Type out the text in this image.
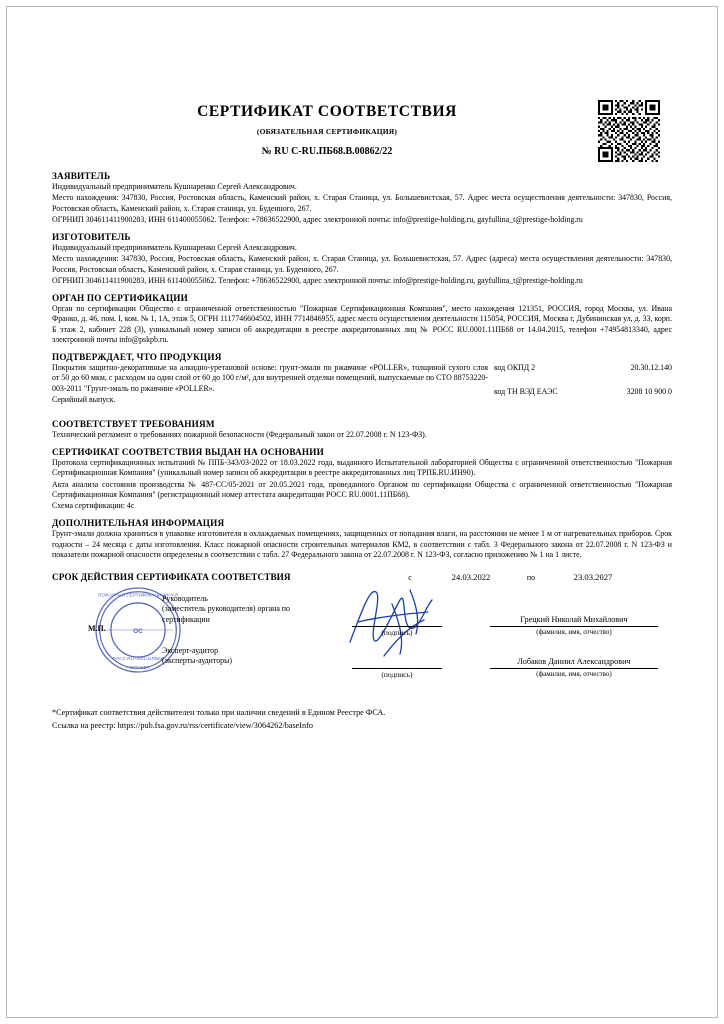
СЕРТИФИКАТ СООТВЕТСТВИЯ
(ОБЯЗАТЕЛЬНАЯ СЕРТИФИКАЦИЯ)
№ RU C-RU.ПБ68.В.00862/22
ЗАЯВИТЕЛЬ
Индивидуальный предприниматель Кушнаренко Сергей Александрович.
Место нахождения: 347830, Россия, Ростовская область, Каменский район, х. Старая Станица, ул. Большевистская, 57. Адрес места осуществления деятельности: 347830, Россия, Ростовская область, Каменский район, х. Старая станица, ул. Буденного, 267.
ОГРНИП 304611411900283, ИНН 611400055062. Телефон: +78636522900, адрес электронной почты: info@prestige-holding.ru, gayfullina_t@prestige-holding.ru
ИЗГОТОВИТЕЛЬ
Индивидуальный предприниматель Кушнаренко Сергей Александрович.
Место нахождения: 347830, Россия, Ростовская область, Каменский район, х. Старая Станица, ул. Большевистская, 57. Адрес (адреса) места осуществления деятельности: 347830, Россия, Ростовская область, Каменский район, х. Старая станица, ул. Буденного, 267.
ОГРНИП 304611411900283, ИНН 611400055062. Телефон: +78636522900, адрес электронной почты: info@prestige-holding.ru, gayfullina_t@prestige-holding.ru
ОРГАН ПО СЕРТИФИКАЦИИ
Орган по сертификации Общество с ограниченной ответственностью "Пожарная Сертификационная Компания", место нахождения 121351, РОССИЯ, город Москва, ул. Ивана Франко, д. 46, пом. I, ком. № 1, 1А, этаж 5, ОГРН 1117746604502, ИНН 7714846955, адрес места осуществления деятельности 115054, РОССИЯ, Москва г, Дубининская ул, д. 33, корп. Б этаж 2, кабинет 228 (3), уникальный номер записи об аккредитации в реестре аккредитованных лиц № РОСС RU.0001.11ПБ68 от 14.04.2015, телефон +74954813340, адрес электронной почты info@pskpb.ru.
ПОДТВЕРЖДАЕТ, ЧТО ПРОДУКЦИЯ
Покрытия защитно-декоративные на алкидно-уретановой основе: грунт-эмали по ржавчине «POLLER», толщиной сухого слоя от 50 до 60 мкм, с расходом на один слой от 60 до 100 г/м², для внутренней отделки помещений, выпускаемые по СТО 88753220-003-2011 "Грунт-эмаль по ржавчине «POLLER».
Серийный выпуск.
код ОКПД 2	20.30.12.140
код ТН ВЭД ЕАЭС	3208 10 900 0
СООТВЕТСТВУЕТ ТРЕБОВАНИЯМ
Технический регламент о требованиях пожарной безопасности (Федеральный закон от 22.07.2008 г. N 123-ФЗ).
СЕРТИФИКАТ СООТВЕТСТВИЯ ВЫДАН НА ОСНОВАНИИ
Протокола сертификационных испытаний № ППБ-343/03-2022 от 18.03.2022 года, выданного Испытательной лабораторией Общества с ограниченной ответственностью "Пожарная Сертификационная Компания" (уникальный номер записи об аккредитации в реестре аккредитованных лиц ТРПБ.RU.ИН90).
Акта анализа состояния производства № 487-СС/05-2021 от 20.05.2021 года, проведанного Органом по сертификации Общества с ограниченной ответственностью "Пожарная Сертификационная Компания" (регистрационный номер аттестата аккредитации РОСС RU.0001.11ПБ68).
Схема сертификации: 4с
ДОПОЛНИТЕЛЬНАЯ ИНФОРМАЦИЯ
Грунт-эмали должна храниться в упаковке изготовителя в охлаждаемых помещениях, защищенных от попадания влаги, на расстоянии не менее 1 м от нагревательных приборов. Срок годности – 24 месяца с даты изготовления. Класс пожарной опасности строительных материалов КМ2, в соответствии с табл. 3 Федерального закона от 22.07.2008 г. N 123-ФЗ и показатели пожарной опасности определены в соответствии с табл. 27 Федерального закона от 22.07.2008 г. N 123-ФЗ, согласно приложению № 1 на 1 листе.
СРОК ДЕЙСТВИЯ СЕРТИФИКАТА СООТВЕТСТВИЯ	с	24.03.2022	по	23.03.2027
ПОЖАРНАЯ СЕРТИФИКАЦИОННАЯ
г. МОСКВА
РОСС RU.0001.11ПБ68
ОС
М.П.
Руководитель
(заместитель руководителя) органа по
сертификации
Эксперт-аудитор
(эксперты-аудиторы)
(подпись)
(подпись)
Грецкий Николай Михайлович
(фамилия, имя, отчество)
Лобаков Даниил Александрович
(фамилия, имя, отчество)
*Сертификат соответствия действителен только при наличии сведений в Едином Реестре ФСА.
Ссылка на реестр: https://pub.fsa.gov.ru/rss/certificate/view/3064262/baseInfo
